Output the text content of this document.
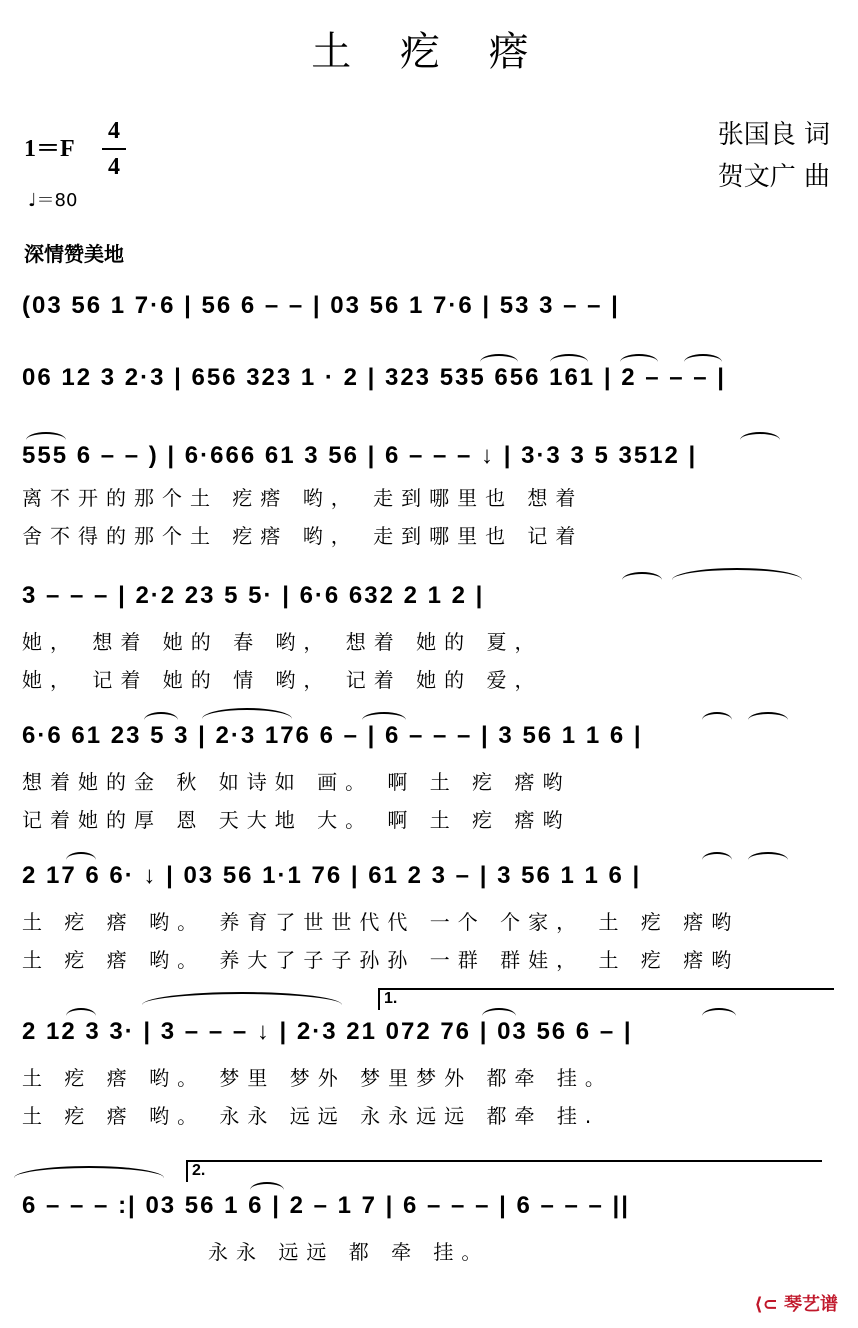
土 疙 瘩
1＝F
4
4
♩＝80
张国良 词
贺文广 曲
深情赞美地
(03 56 1 7·6 | 56 6 – – | 03 56 1 7·6 | 53 3 – – |
06 12 3 2·3 | 656 323 1 · 2 | 323 535 656 161 | 2 – – – |
555 6 – – ) | 6·666 61 3 56 | 6 – – – ↓ | 3·3 3 5 3512 |
离不开的那个土 疙瘩 哟， 走到哪里也 想着
舍不得的那个土 疙瘩 哟， 走到哪里也 记着
3 – – – | 2·2 23 5 5· | 6·6 632 2 1 2 |
她， 想着 她的 春 哟， 想着 她的 夏，
她， 记着 她的 情 哟， 记着 她的 爱，
6·6 61 23 5 3 | 2·3 176 6 – | 6 – – – | 3 56 1 1 6 |
想着她的金 秋 如诗如 画。 啊 土 疙 瘩哟
记着她的厚 恩 天大地 大。 啊 土 疙 瘩哟
2 17 6 6· ↓ | 03 56 1·1 76 | 61 2 3 – | 3 56 1 1 6 |
土 疙 瘩 哟。 养育了世世代代 一个 个家， 土 疙 瘩哟
土 疙 瘩 哟。 养大了子子孙孙 一群 群娃， 土 疙 瘩哟
2 12 3 3· | 3 – – – ↓ | 2·3 21 072 76 | 03 56 6 – |
1.
土 疙 瘩 哟。 梦里 梦外 梦里梦外 都牵 挂。
土 疙 瘩 哟。 永永 远远 永永远远 都牵 挂.
6 – – – :| 03 56 1 6 | 2 – 1 7 | 6 – – – | 6 – – – ||
2.
永永 远远 都 牵 挂。
⟨⊂ 琴艺谱
